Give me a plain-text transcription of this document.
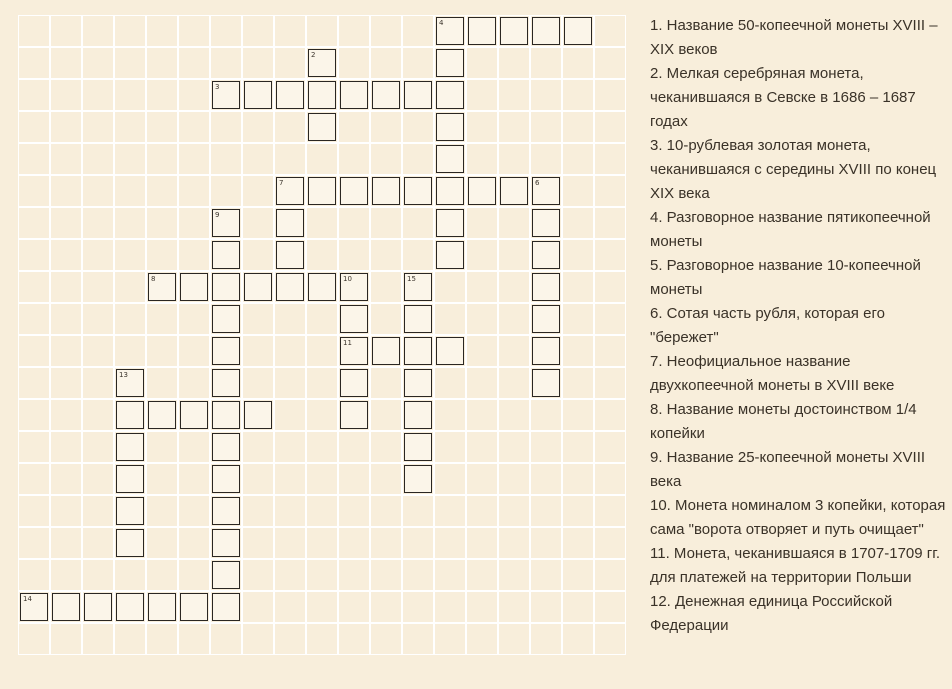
4
2
3
7	6
9
8	10
11
15
13
14
1. Название 50-копеечной монеты XVIII – XIX веков
2. Мелкая серебряная монета, чеканившаяся в Севске в 1686 – 1687 годах
3. 10-рублевая золотая монета, чеканившаяся с середины XVIII по конец XIX века
4. Разговорное название пятикопеечной монеты
5. Разговорное название 10-копеечной монеты
6. Сотая часть рубля, которая его "бережет"
7. Неофициальное название двухкопеечной монеты в XVIII веке
8. Название монеты достоинством 1/4 копейки
9. Название 25-копеечной монеты XVIII века
10. Монета номиналом 3 копейки, которая сама "ворота отворяет и путь очищает"
11. Монета, чеканившаяся в 1707-1709 гг. для платежей на территории Польши
12. Денежная единица Российской Федерации
